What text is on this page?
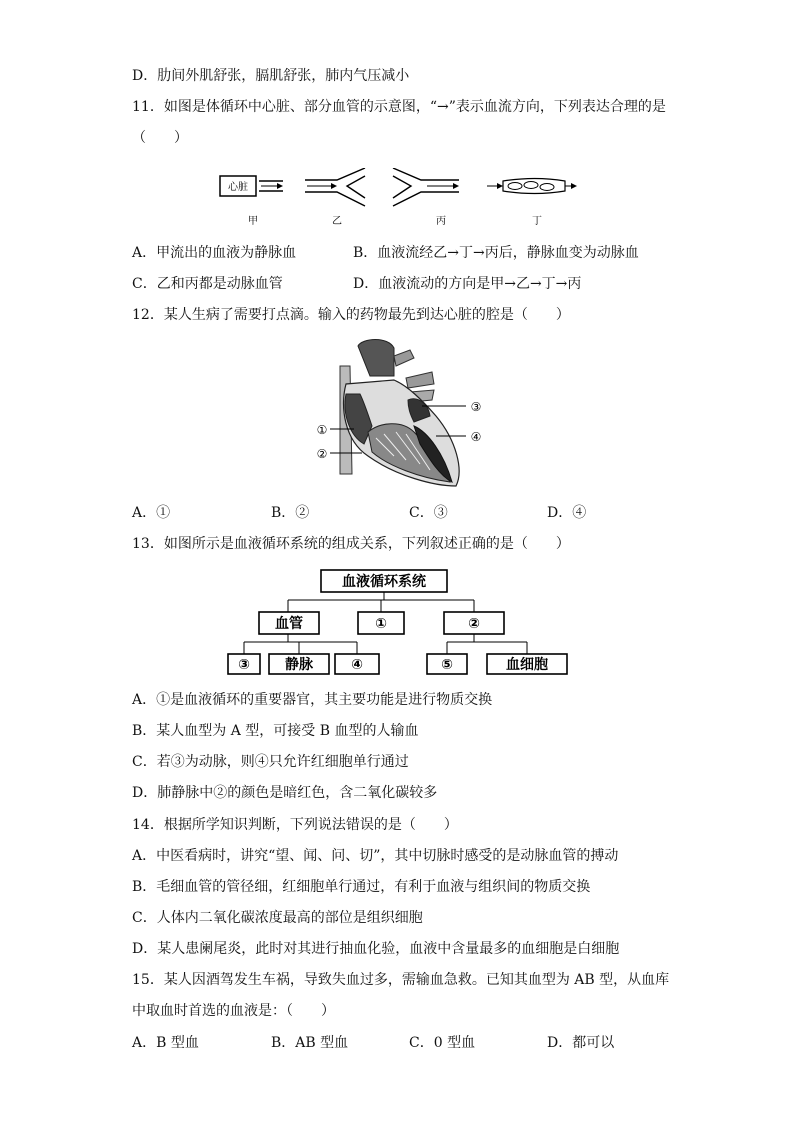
D．肋间外肌舒张，膈肌舒张，肺内气压减小
11．如图是体循环中心脏、部分血管的示意图，“→”表示血流方向，下列表达合理的是
（　　）
心脏
甲	乙	丙	丁
A．甲流出的血液为静脉血	B．血液流经乙→丁→丙后，静脉血变为动脉血
C．乙和丙都是动脉血管	D．血液流动的方向是甲→乙→丁→丙
12．某人生病了需要打点滴。输入的药物最先到达心脏的腔是（　　）
①
②
③
④
A．①	B．②	C．③	D．④
13．如图所示是血液循环系统的组成关系，下列叙述正确的是（　　）
血液循环系统
血管	①	②
③	静脉	④	⑤	血细胞
A．①是血液循环的重要器官，其主要功能是进行物质交换
B．某人血型为 A 型，可接受 B 血型的人输血
C．若③为动脉，则④只允许红细胞单行通过
D．肺静脉中②的颜色是暗红色，含二氧化碳较多
14．根据所学知识判断，下列说法错误的是（　　）
A．中医看病时，讲究“望、闻、问、切”，其中切脉时感受的是动脉血管的搏动
B．毛细血管的管径细，红细胞单行通过，有利于血液与组织间的物质交换
C．人体内二氧化碳浓度最高的部位是组织细胞
D．某人患阑尾炎，此时对其进行抽血化验，血液中含量最多的血细胞是白细胞
15．某人因酒驾发生车祸，导致失血过多，需输血急救。已知其血型为 AB 型，从血库
中取血时首选的血液是：（　　）
A．B 型血	B．AB 型血	C．0 型血	D．都可以
